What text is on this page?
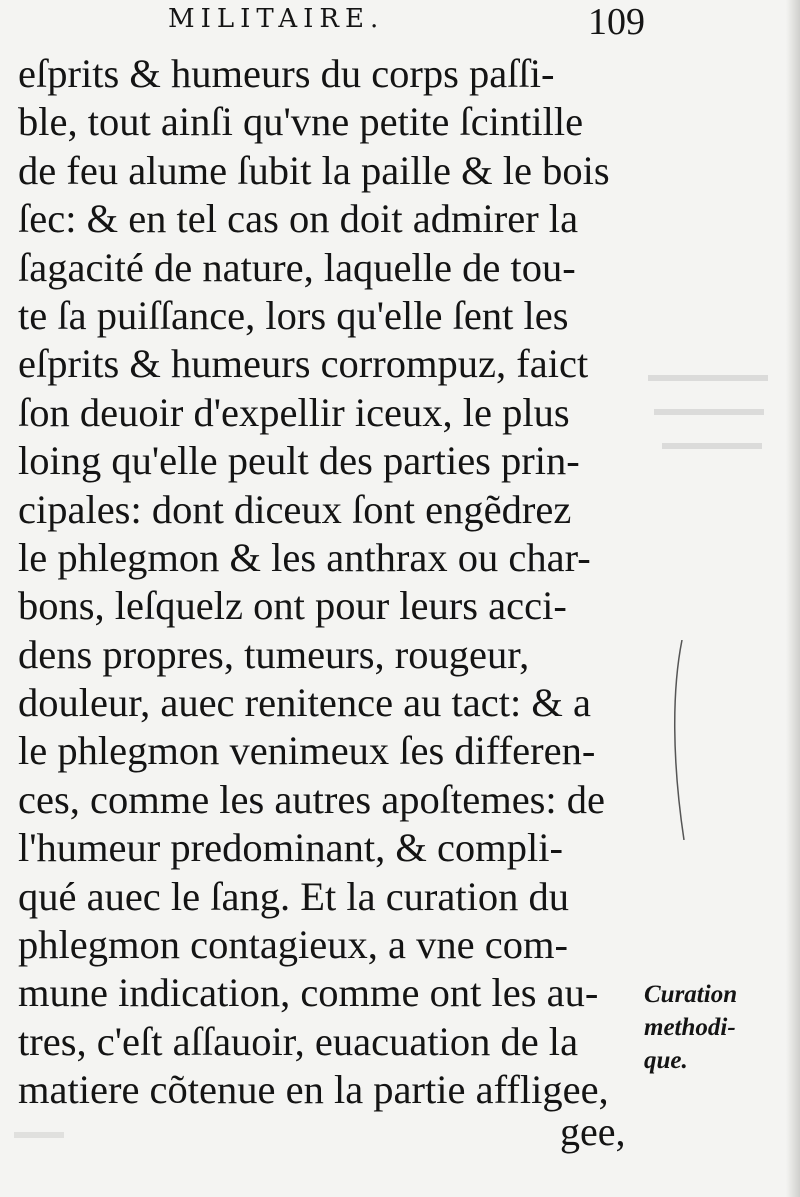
MILITAIRE.	109
eſprits & humeurs du corps paſſi-
ble, tout ainſi qu'vne petite ſcintille
de feu alume ſubit la paille & le bois
ſec: & en tel cas on doit admirer la
ſagacité de nature, laquelle de tou-
te ſa puiſſance, lors qu'elle ſent les
eſprits & humeurs corrompuz, faict
ſon deuoir d'expellir iceux, le plus
loing qu'elle peult des parties prin-
cipales: dont diceux ſont engẽdrez
le phlegmon & les anthrax ou char-
bons, leſquelz ont pour leurs acci-
dens propres, tumeurs, rougeur,
douleur, auec renitence au tact: & a
le phlegmon venimeux ſes differen-
ces, comme les autres apoſtemes: de
l'humeur predominant, & compli-
qué auec le ſang. Et la curation du
phlegmon contagieux, a vne com-
mune indication, comme ont les au-
tres, c'eſt aſſauoir, euacuation de la
matiere cõtenue en la partie affligee,
gee,
Curation
methodi-
que.
